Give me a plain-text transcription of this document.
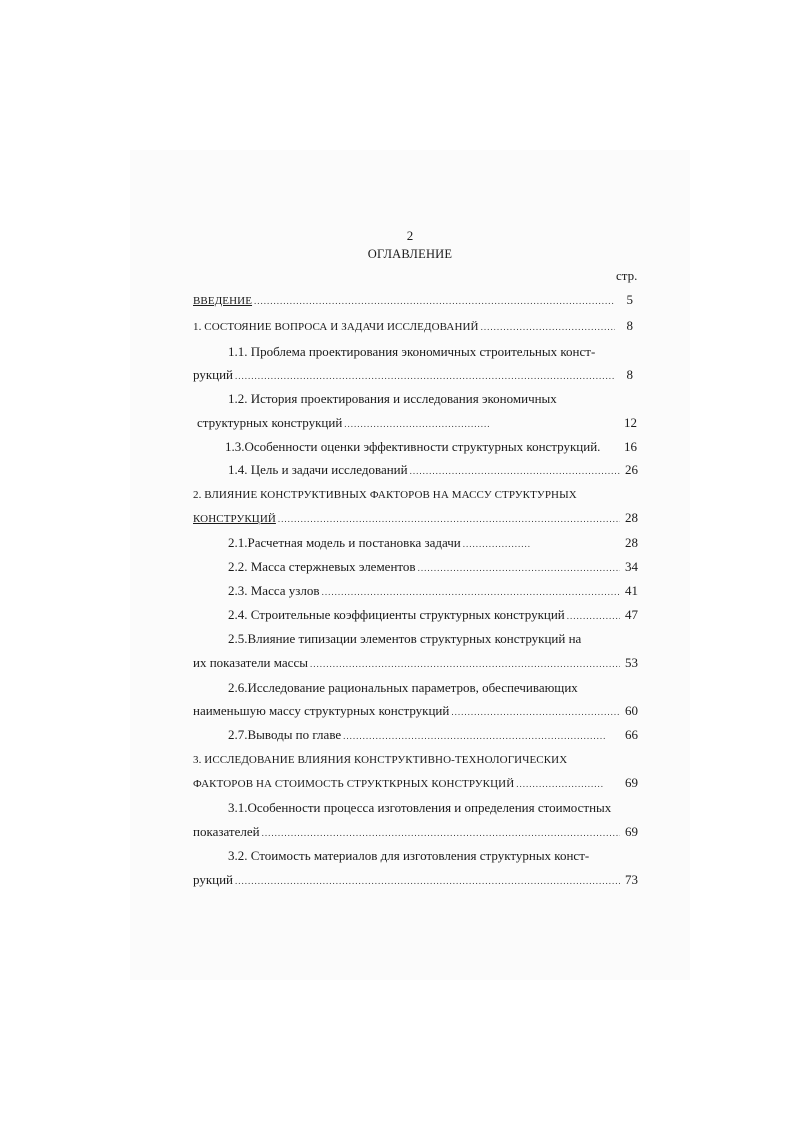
2
ОГЛАВЛЕНИЕ
стр.
ВВЕДЕНИЕ .....	5
1. СОСТОЯНИЕ ВОПРОСА И ЗАДАЧИ ИССЛЕДОВАНИЙ .....	8
1.1. Проблема проектирования экономичных строительных конст-
рукций .....	8
1.2. История проектирования и исследования экономичных
структурных конструкций .....	12
1.3.Особенности оценки эффективности структурных конструкций. 16
1.4. Цель и задачи исследований .....	26
2. ВЛИЯНИЕ КОНСТРУКТИВНЫХ ФАКТОРОВ НА МАССУ СТРУКТУРНЫХ
КОНСТРУКЦИЙ .....	28
2.1.Расчетная модель и постановка задачи .....	28
2.2. Масса стержневых элементов .....	34
2.3. Масса узлов .....	41
2.4. Строительные коэффициенты структурных конструкций .....	47
2.5.Влияние типизации элементов структурных конструкций на
их показатели массы .....	53
2.6.Исследование рациональных параметров, обеспечивающих
наименьшую массу структурных конструкций .....	60
2.7.Выводы по главе .....	66
3. ИССЛЕДОВАНИЕ ВЛИЯНИЯ КОНСТРУКТИВНО-ТЕХНОЛОГИЧЕСКИХ
ФАКТОРОВ НА СТОИМОСТЬ СТРУКТКРНЫХ КОНСТРУКЦИЙ .....	69
3.1.Особенности процесса изготовления и определения стоимостных
показателей .....	69
3.2. Стоимость материалов для изготовления структурных конст-
рукций .....	73
